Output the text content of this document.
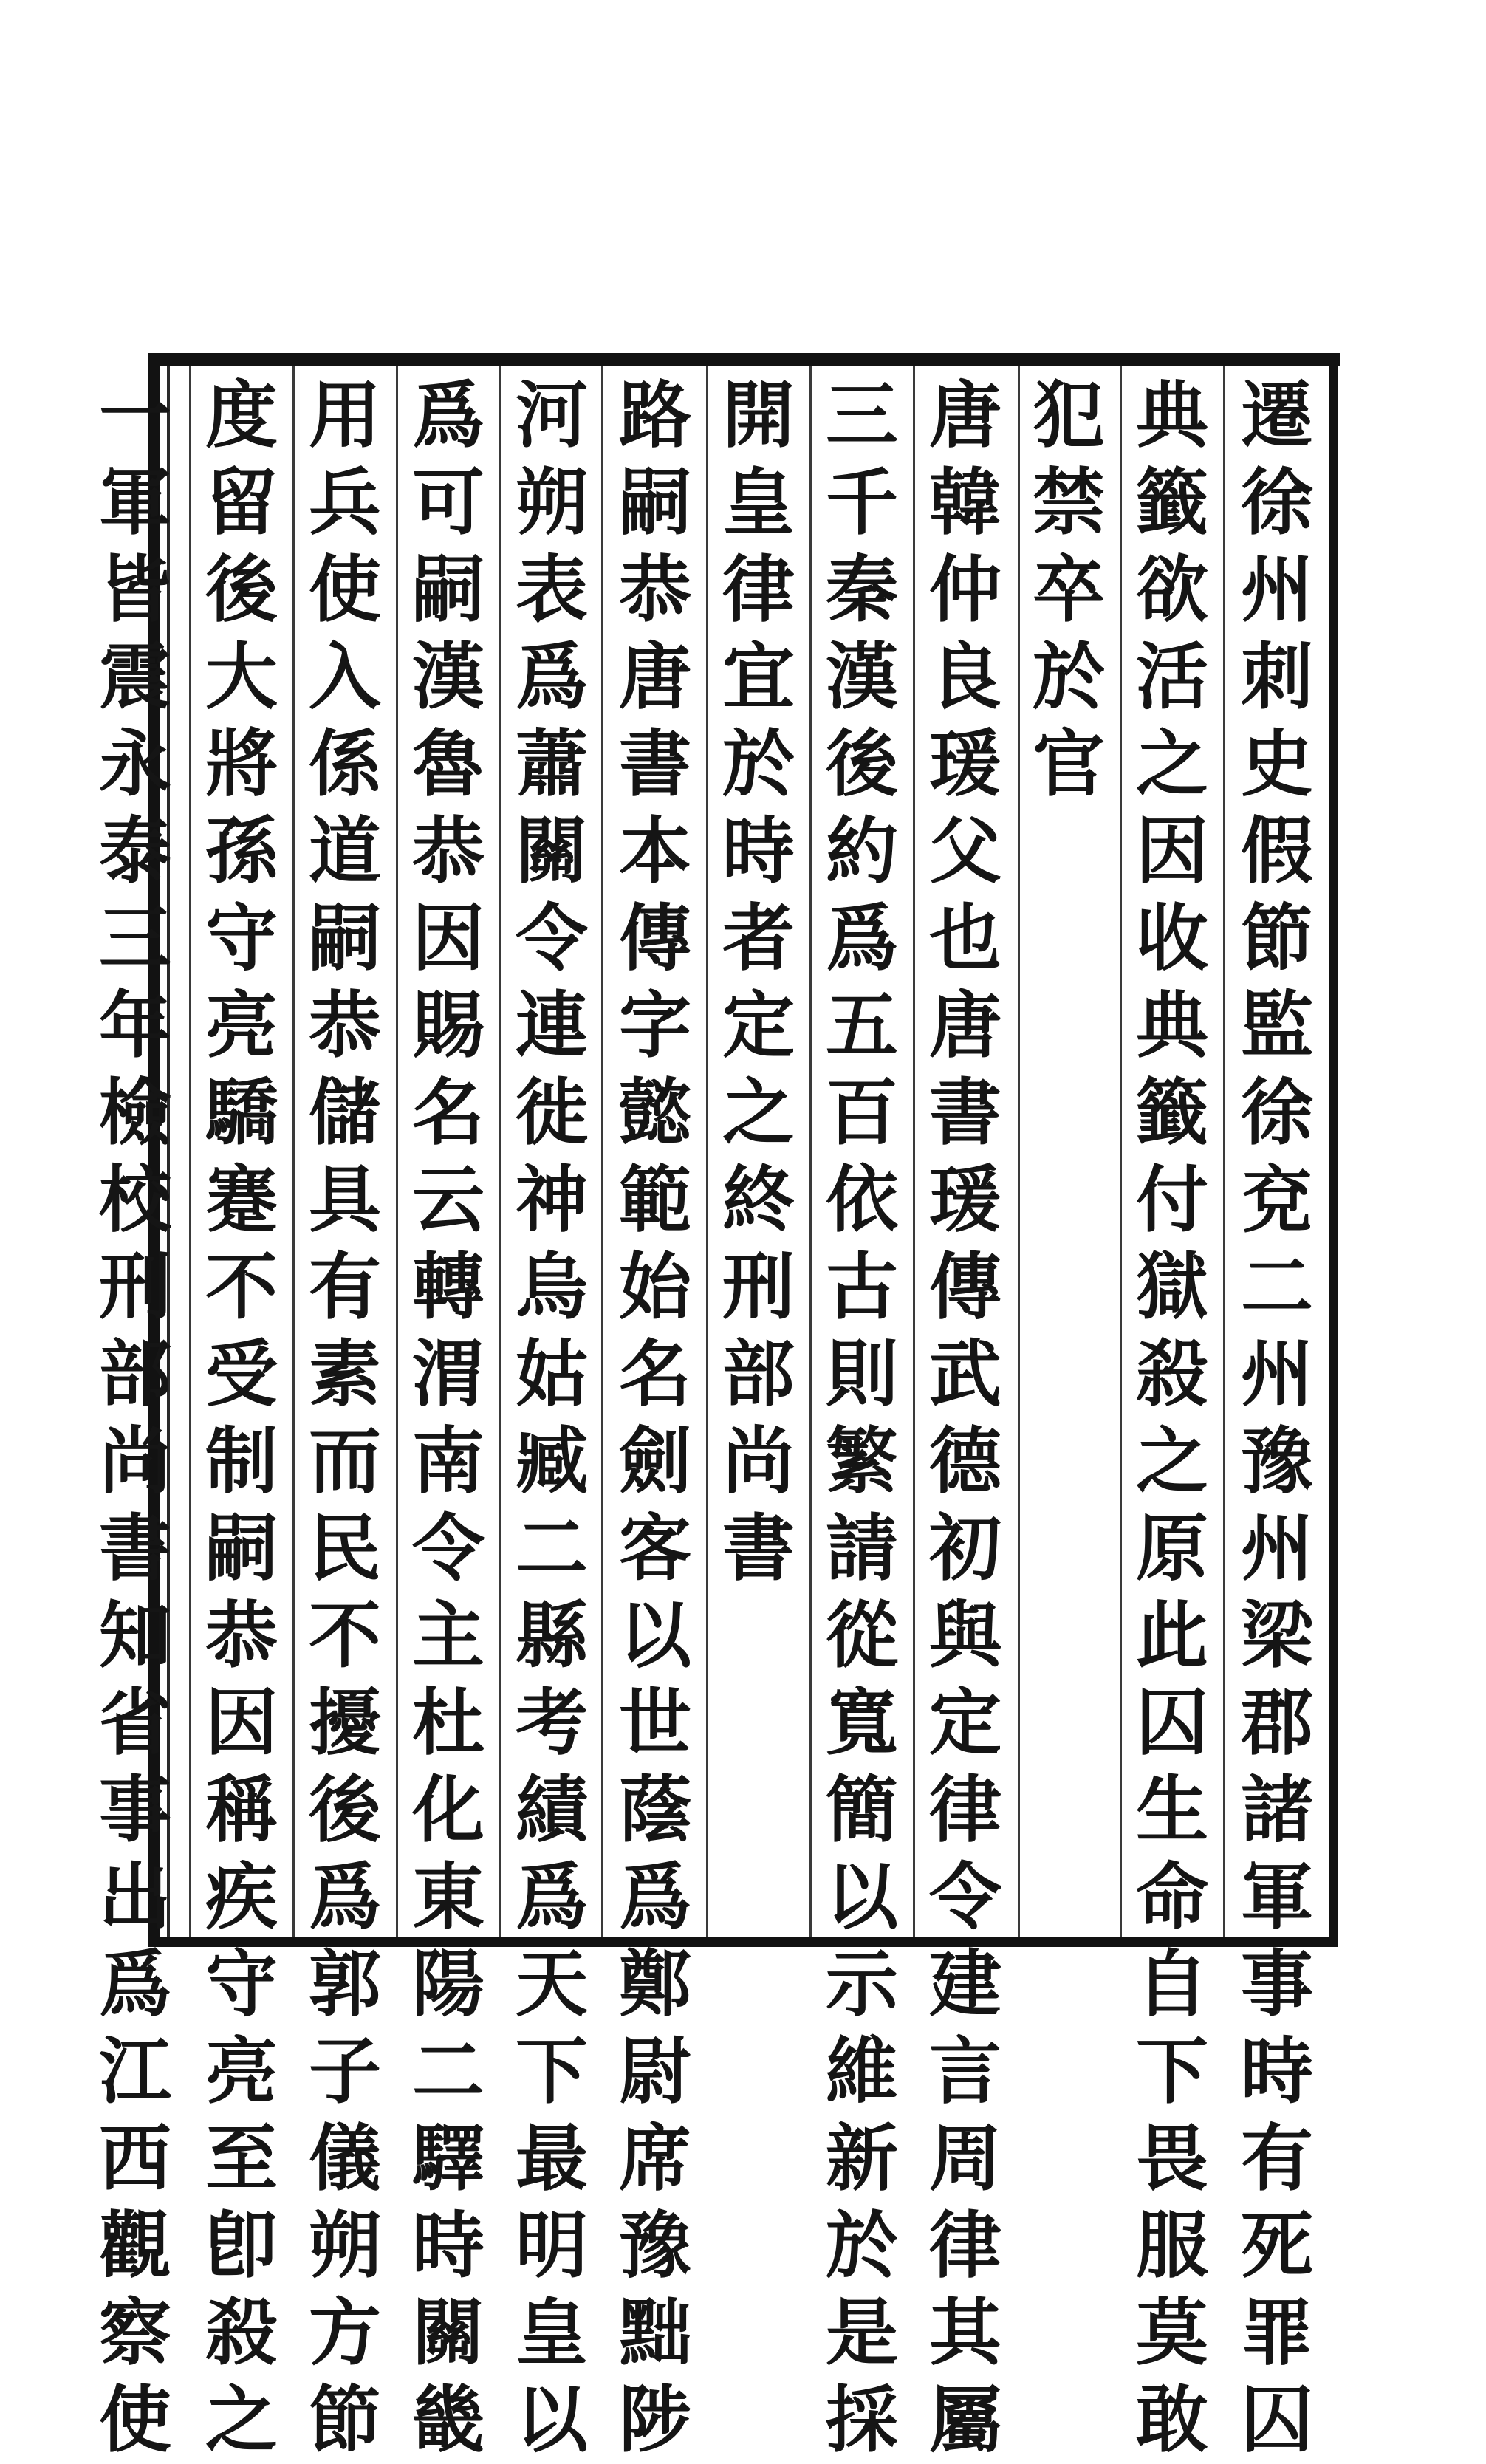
遷
徐
州
刺
史
假
節
監
徐
兗
二
州
豫
州
梁
郡
諸
軍
事
時
有
死
罪
囚
典
籤
欲
活
之
因
收
典
籤
付
獄
殺
之
原
此
囚
生
命
自
下
畏
服
莫
敢
犯
禁
卒
於
官
唐
韓
仲
良
瑗
父
也
唐
書
瑗
傳
武
德
初
與
定
律
令
建
言
周
律
其
屬
三
千
秦
漢
後
約
爲
五
百
依
古
則
繁
請
從
寬
簡
以
示
維
新
於
是
採
開
皇
律
宜
於
時
者
定
之
終
刑
部
尚
書
路
嗣
恭
唐
書
本
傳
字
懿
範
始
名
劍
客
以
世
蔭
爲
鄭
尉
席
豫
黜
陟
河
朔
表
爲
蕭
關
令
連
徙
神
烏
姑
臧
二
縣
考
績
爲
天
下
最
明
皇
以
爲
可
嗣
漢
魯
恭
因
賜
名
云
轉
渭
南
令
主
杜
化
東
陽
二
驛
時
關
畿
用
兵
使
入
係
道
嗣
恭
儲
具
有
素
而
民
不
擾
後
爲
郭
子
儀
朔
方
節
度
留
後
大
將
孫
守
亮
驕
蹇
不
受
制
嗣
恭
因
稱
疾
守
亮
至
卽
殺
之
一
軍
皆
震
永
泰
三
年
檢
校
刑
部
尚
書
知
省
事
出
爲
江
西
觀
察
使
